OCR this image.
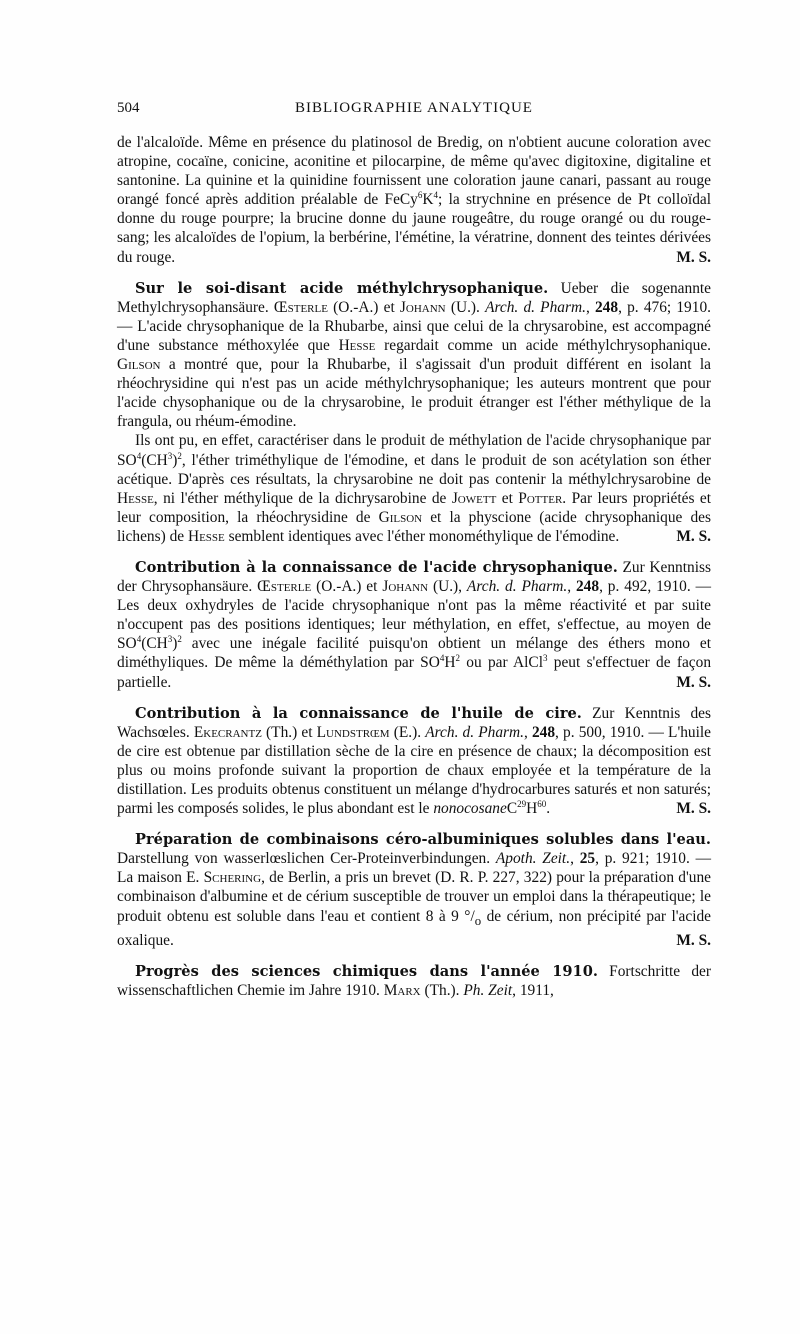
504	BIBLIOGRAPHIE ANALYTIQUE

de l'alcaloïde. Même en présence du platinosol de Bredig, on n'obtient aucune coloration avec atropine, cocaïne, conicine, aconitine et pilocarpine, de même qu'avec digitoxine, digitaline et santonine. La quinine et la quinidine fournissent une coloration jaune canari, passant au rouge orangé foncé après addition préalable de $FeCy^6K^4$; la strychnine en présence de Pt colloïdal donne du rouge pourpre; la brucine donne du jaune rougeâtre, du rouge orangé ou du rouge-sang; les alcaloïdes de l'opium, la berbérine, l'émétine, la vératrine, donnent des teintes dérivées du rouge.	M. S.

Sur le soi-disant acide méthylchrysophanique. Ueber die sogenannte Methylchrysophansäure. Œsterle (O.-A.) et Johann (U.). Arch. d. Pharm., 248, p. 476; 1910. — L'acide chrysophanique de la Rhubarbe, ainsi que celui de la chrysarobine, est accompagné d'une substance méthoxylée que Hesse regardait comme un acide méthylchrysophanique. Gilson a montré que, pour la Rhubarbe, il s'agissait d'un produit différent en isolant la rhéochrysidine qui n'est pas un acide méthylchrysophanique; les auteurs montrent que pour l'acide chysophanique ou de la chrysarobine, le produit étranger est l'éther méthylique de la frangula, ou rhéum-émodine.

Ils ont pu, en effet, caractériser dans le produit de méthylation de l'acide chrysophanique par $SO^4(CH^3)^2$, l'éther triméthylique de l'émodine, et dans le produit de son acétylation son éther acétique. D'après ces résultats, la chrysarobine ne doit pas contenir la méthylchrysarobine de Hesse, ni l'éther méthylique de la dichrysarobine de Jowett et Potter. Par leurs propriétés et leur composition, la rhéochrysidine de Gilson et la physcione (acide chrysophanique des lichens) de Hesse semblent identiques avec l'éther monométhylique de l'émodine.	M. S.

Contribution à la connaissance de l'acide chrysophanique. Zur Kenntniss der Chrysophansäure. Œsterle (O.-A.) et Johann (U.), Arch. d. Pharm., 248, p. 492, 1910. — Les deux oxhydryles de l'acide chrysophanique n'ont pas la même réactivité et par suite n'occupent pas des positions identiques; leur méthylation, en effet, s'effectue, au moyen de $SO^4(CH^3)^2$ avec une inégale facilité puisqu'on obtient un mélange des éthers mono et diméthyliques. De même la déméthylation par $SO^4H^2$ ou par AlCl$^3$ peut s'effectuer de façon partielle.	M. S.

Contribution à la connaissance de l'huile de cire. Zur Kenntnis des Wachsœles. Ekecrantz (Th.) et Lundstrœm (E.). Arch. d. Pharm., 248, p. 500, 1910. — L'huile de cire est obtenue par distillation sèche de la cire en présence de chaux; la décomposition est plus ou moins profonde suivant la proportion de chaux employée et la température de la distillation. Les produits obtenus constituent un mélange d'hydrocarbures saturés et non saturés; parmi les composés solides, le plus abondant est le $nonocosaneC^{29}H^{60}$.	M. S.

Préparation de combinaisons céro-albuminiques solubles dans l'eau. Darstellung von wasserlœslichen Cer-Proteinverbindungen. Apoth. Zeit., 25, p. 921; 1910. — La maison E. Schering, de Berlin, a pris un brevet (D. R. P. 227, 322) pour la préparation d'une combinaison d'albumine et de cérium susceptible de trouver un emploi dans la thérapeutique; le produit obtenu est soluble dans l'eau et contient 8 à 9 $^\circ/_o$ de cérium, non précipité par l'acide oxalique.	M. S.

Progrès des sciences chimiques dans l'année 1910. Fortschritte der wissenschaftlichen Chemie im Jahre 1910. Marx (Th.). Ph. Zeit, 1911,
